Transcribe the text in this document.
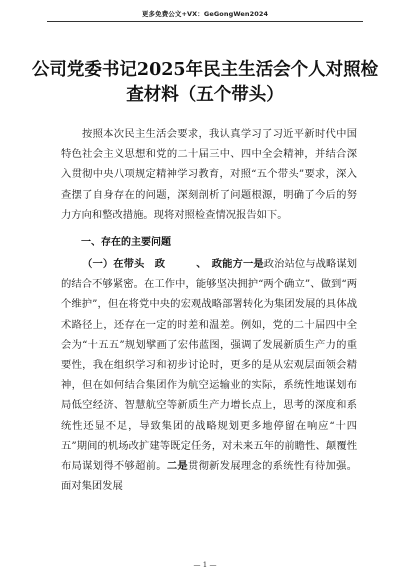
更多免费公文+VX：GeGongWen2024
公司党委书记2025年民主生活会个人对照检查材料（五个带头）
按照本次民主生活会要求，我认真学习了习近平新时代中国特色社会主义思想和党的二十届三中、四中全会精神，并结合深入贯彻中央八项规定精神学习教育，对照“五个带头”要求，深入查摆了自身存在的问题，深刻剖析了问题根源，明确了今后的努力方向和整改措施。现将对照检查情况报告如下。
一、存在的主要问题
（一）在带头　政　　　、　政能方一是政治站位与战略谋划的结合不够紧密。在工作中，能够坚决拥护“两个确立”、做到“两个维护”，但在将党中央的宏观战略部署转化为集团发展的具体战术路径上，还存在一定的时差和温差。例如，党的二十届四中全会为“十五五”规划擘画了宏伟蓝图，强调了发展新质生产力的重要性，我在组织学习和初步讨论时，更多的是从宏观层面领会精神，但在如何结合集团作为航空运输业的实际，系统性地谋划布局低空经济、智慧航空等新质生产力增长点上，思考的深度和系统性还显不足，导致集团的战略规划更多地停留在响应“十四五”期间的机场改扩建等既定任务，对未来五年的前瞻性、颠覆性布局谋划得不够超前。二是贯彻新发展理念的系统性有待加强。面对集团发展
— 1 —
